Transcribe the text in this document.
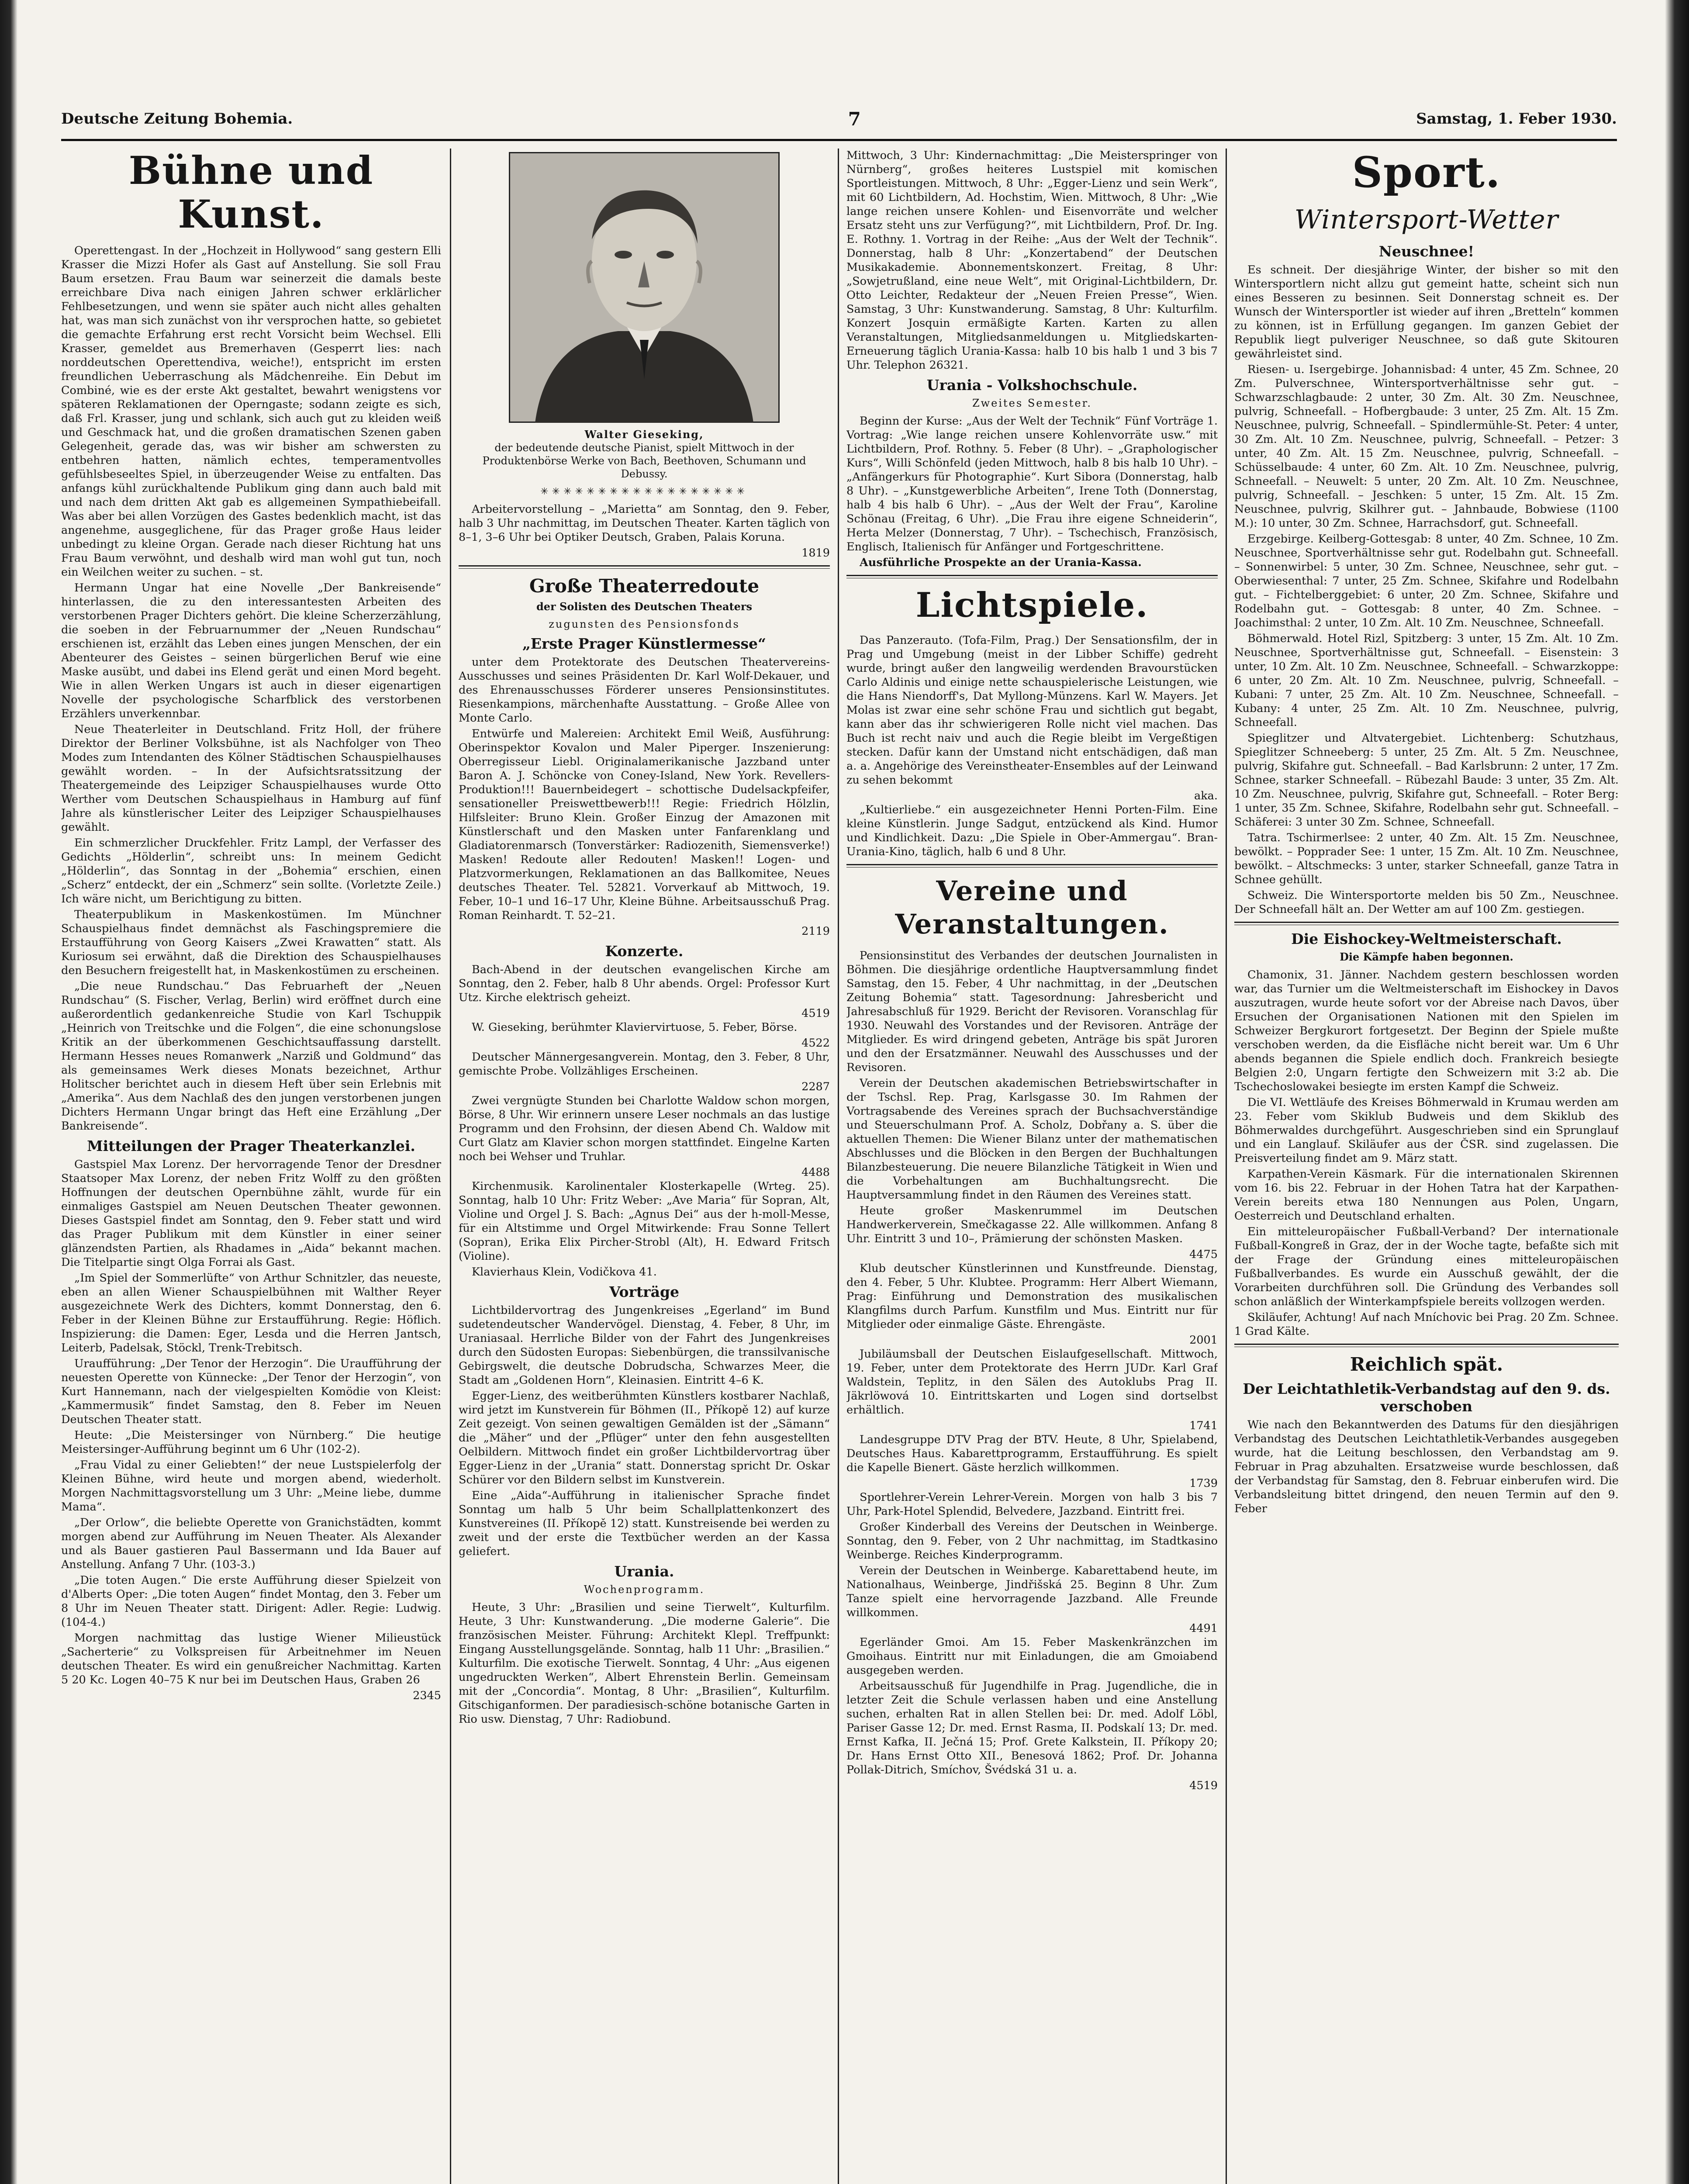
Deutsche Zeitung Bohemia.	7	Samstag, 1. Feber 1930.
Bühne und Kunst.

Operettengast. In der „Hochzeit in Hollywood“ sang gestern Elli Krasser die Mizzi Hofer als Gast auf Anstellung. Sie soll Frau Baum ersetzen. Frau Baum war seinerzeit die damals beste erreichbare Diva nach einigen Jahren schwer erklärlicher Fehlbesetzungen, und wenn sie später auch nicht alles gehalten hat, was man sich zunächst von ihr versprochen hatte, so gebietet die gemachte Erfahrung erst recht Vorsicht beim Wechsel. Elli Krasser, gemeldet aus Bremerhaven (Gesperrt lies: nach norddeutschen Operettendiva, weiche!), entspricht im ersten freundlichen Ueberraschung als Mädchenreihe. Ein Debut im Combiné, wie es der erste Akt gestaltet, bewahrt wenigstens vor späteren Reklamationen der Operngaste; sodann zeigte es sich, daß Frl. Krasser, jung und schlank, sich auch gut zu kleiden weiß und Geschmack hat, und die großen dramatischen Szenen gaben Gelegenheit, gerade das, was wir bisher am schwersten zu entbehren hatten, nämlich echtes, temperamentvolles gefühlsbeseeltes Spiel, in überzeugender Weise zu entfalten. Das anfangs kühl zurückhaltende Publikum ging dann auch bald mit und nach dem dritten Akt gab es allgemeinen Sympathiebeifall. Was aber bei allen Vorzügen des Gastes bedenklich macht, ist das angenehme, ausgeglichene, für das Prager große Haus leider unbedingt zu kleine Organ. Gerade nach dieser Richtung hat uns Frau Baum verwöhnt, und deshalb wird man wohl gut tun, noch ein Weilchen weiter zu suchen. – st.

Hermann Ungar hat eine Novelle „Der Bankreisende“ hinterlassen, die zu den interessantesten Arbeiten des verstorbenen Prager Dichters gehört. Die kleine Scherzerzählung, die soeben in der Februarnummer der „Neuen Rundschau“ erschienen ist, erzählt das Leben eines jungen Menschen, der ein Abenteurer des Geistes – seinen bürgerlichen Beruf wie eine Maske ausübt, und dabei ins Elend gerät und einen Mord begeht. Wie in allen Werken Ungars ist auch in dieser eigenartigen Novelle der psychologische Scharfblick des verstorbenen Erzählers unverkennbar.

Neue Theaterleiter in Deutschland. Fritz Holl, der frühere Direktor der Berliner Volksbühne, ist als Nachfolger von Theo Modes zum Intendanten des Kölner Städtischen Schauspielhauses gewählt worden. – In der Aufsichtsratssitzung der Theatergemeinde des Leipziger Schauspielhauses wurde Otto Werther vom Deutschen Schauspielhaus in Hamburg auf fünf Jahre als künstlerischer Leiter des Leipziger Schauspielhauses gewählt.

Ein schmerzlicher Druckfehler. Fritz Lampl, der Verfasser des Gedichts „Hölderlin“, schreibt uns: In meinem Gedicht „Hölderlin“, das Sonntag in der „Bohemia“ erschien, einen „Scherz“ entdeckt, der ein „Schmerz“ sein sollte. (Vorletzte Zeile.) Ich wäre nicht, um Berichtigung zu bitten.

Theaterpublikum in Maskenkostümen. Im Münchner Schauspielhaus findet demnächst als Faschingspremiere die Erstaufführung von Georg Kaisers „Zwei Krawatten“ statt. Als Kuriosum sei erwähnt, daß die Direktion des Schauspielhauses den Besuchern freigestellt hat, in Maskenkostümen zu erscheinen.

„Die neue Rundschau.“ Das Februarheft der „Neuen Rundschau“ (S. Fischer, Verlag, Berlin) wird eröffnet durch eine außerordentlich gedankenreiche Studie von Karl Tschuppik „Heinrich von Treitschke und die Folgen“, die eine schonungslose Kritik an der überkommenen Geschichtsauffassung darstellt. Hermann Hesses neues Romanwerk „Narziß und Goldmund“ das als gemeinsames Werk dieses Monats bezeichnet, Arthur Holitscher berichtet auch in diesem Heft über sein Erlebnis mit „Amerika“. Aus dem Nachlaß des den jungen verstorbenen jungen Dichters Hermann Ungar bringt das Heft eine Erzählung „Der Bankreisende“.

Mitteilungen der Prager Theaterkanzlei.

Gastspiel Max Lorenz. Der hervorragende Tenor der Dresdner Staatsoper Max Lorenz, der neben Fritz Wolff zu den größten Hoffnungen der deutschen Opernbühne zählt, wurde für ein einmaliges Gastspiel am Neuen Deutschen Theater gewonnen. Dieses Gastspiel findet am Sonntag, den 9. Feber statt und wird das Prager Publikum mit dem Künstler in einer seiner glänzendsten Partien, als Rhadames in „Aida“ bekannt machen. Die Titelpartie singt Olga Forrai als Gast.

„Im Spiel der Sommerlüfte“ von Arthur Schnitzler, das neueste, eben an allen Wiener Schauspielbühnen mit Walther Reyer ausgezeichnete Werk des Dichters, kommt Donnerstag, den 6. Feber in der Kleinen Bühne zur Erstaufführung. Regie: Höflich. Inspizierung: die Damen: Eger, Lesda und die Herren Jantsch, Leiterb, Padelsak, Stöckl, Trenk-Trebitsch.

Uraufführung: „Der Tenor der Herzogin“. Die Uraufführung der neuesten Operette von Künnecke: „Der Tenor der Herzogin“, von Kurt Hannemann, nach der vielgespielten Komödie von Kleist: „Kammermusik“ findet Samstag, den 8. Feber im Neuen Deutschen Theater statt.

Heute: „Die Meistersinger von Nürnberg.“ Die heutige Meistersinger-Aufführung beginnt um 6 Uhr (102-2).

„Frau Vidal zu einer Geliebten!“ der neue Lustspielerfolg der Kleinen Bühne, wird heute und morgen abend, wiederholt. Morgen Nachmittagsvorstellung um 3 Uhr: „Meine liebe, dumme Mama“.

„Der Orlow“, die beliebte Operette von Granichstädten, kommt morgen abend zur Aufführung im Neuen Theater. Als Alexander und als Bauer gastieren Paul Bassermann und Ida Bauer auf Anstellung. Anfang 7 Uhr. (103-3.)

„Die toten Augen.“ Die erste Aufführung dieser Spielzeit von d'Alberts Oper: „Die toten Augen“ findet Montag, den 3. Feber um 8 Uhr im Neuen Theater statt. Dirigent: Adler. Regie: Ludwig. (104-4.)

Morgen nachmittag das lustige Wiener Milieustück „Sacherterie“ zu Volkspreisen für Arbeitnehmer im Neuen deutschen Theater. Es wird ein genußreicher Nachmittag. Karten 5 20 Kc. Logen 40–75 K nur bei im Deutschen Haus, Graben 26

2345
Walter Gieseking,
der bedeutende deutsche Pianist, spielt Mittwoch in der Produktenbörse Werke von Bach, Beethoven, Schumann und Debussy.
✳✳✳✳✳✳✳✳✳✳✳✳✳✳✳✳✳✳

Arbeitervorstellung – „Marietta“ am Sonntag, den 9. Feber, halb 3 Uhr nachmittag, im Deutschen Theater. Karten täglich von 8–1, 3–6 Uhr bei Optiker Deutsch, Graben, Palais Koruna.

1819
Große Theaterredoute
der Solisten des Deutschen Theaters
zugunsten des Pensionsfonds
„Erste Prager Künstlermesse“

unter dem Protektorate des Deutschen Theatervereins-Ausschusses und seines Präsidenten Dr. Karl Wolf-Dekauer, und des Ehrenausschusses Förderer unseres Pensionsinstitutes. Riesenkampions, märchenhafte Ausstattung. – Große Allee von Monte Carlo.

Entwürfe und Malereien: Architekt Emil Weiß, Ausführung: Oberinspektor Kovalon und Maler Piperger. Inszenierung: Oberregisseur Liebl. Originalamerikanische Jazzband unter Baron A. J. Schöncke von Coney-Island, New York. Revellers-Produktion!!! Bauernbeidegert – schottische Dudelsackpfeifer, sensationeller Preiswettbewerb!!! Regie: Friedrich Hölzlin, Hilfsleiter: Bruno Klein. Großer Einzug der Amazonen mit Künstlerschaft und den Masken unter Fanfarenklang und Gladiatorenmarsch (Tonverstärker: Radiozenith, Siemensverke!) Masken! Redoute aller Redouten! Masken!! Logen- und Platzvormerkungen, Reklamationen an das Ballkomitee, Neues deutsches Theater. Tel. 52821. Vorverkauf ab Mittwoch, 19. Feber, 10–1 und 16–17 Uhr, Kleine Bühne. Arbeitsausschuß Prag. Roman Reinhardt. T. 52–21.

2119
Konzerte.

Bach-Abend in der deutschen evangelischen Kirche am Sonntag, den 2. Feber, halb 8 Uhr abends. Orgel: Professor Kurt Utz. Kirche elektrisch geheizt.

4519

W. Gieseking, berühmter Klaviervirtuose, 5. Feber, Börse.

4522

Deutscher Männergesangverein. Montag, den 3. Feber, 8 Uhr, gemischte Probe. Vollzähliges Erscheinen.

2287

Zwei vergnügte Stunden bei Charlotte Waldow schon morgen, Börse, 8 Uhr. Wir erinnern unsere Leser nochmals an das lustige Programm und den Frohsinn, der diesen Abend Ch. Waldow mit Curt Glatz am Klavier schon morgen stattfindet. Eingelne Karten noch bei Wehser und Truhlar.

4488

Kirchenmusik. Karolinentaler Klosterkapelle (Wrteg. 25). Sonntag, halb 10 Uhr: Fritz Weber: „Ave Maria“ für Sopran, Alt, Violine und Orgel J. S. Bach: „Agnus Dei“ aus der h-moll-Messe, für ein Altstimme und Orgel Mitwirkende: Frau Sonne Tellert (Sopran), Erika Elix Pircher-Strobl (Alt), H. Edward Fritsch (Violine).

Klavierhaus Klein, Vodičkova 41.

Vorträge

Lichtbildervortrag des Jungenkreises „Egerland“ im Bund sudetendeutscher Wandervögel. Dienstag, 4. Feber, 8 Uhr, im Uraniasaal. Herrliche Bilder von der Fahrt des Jungenkreises durch den Südosten Europas: Siebenbürgen, die transsilvanische Gebirgswelt, die deutsche Dobrudscha, Schwarzes Meer, die Stadt am „Goldenen Horn“, Kleinasien. Eintritt 4–6 K.

Egger-Lienz, des weitberühmten Künstlers kostbarer Nachlaß, wird jetzt im Kunstverein für Böhmen (II., Příkopě 12) auf kurze Zeit gezeigt. Von seinen gewaltigen Gemälden ist der „Sämann“ die „Mäher“ und der „Pflüger“ unter den fehn ausgestellten Oelbildern. Mittwoch findet ein großer Lichtbildervortrag über Egger-Lienz in der „Urania“ statt. Donnerstag spricht Dr. Oskar Schürer vor den Bildern selbst im Kunstverein.

Eine „Aida“-Aufführung in italienischer Sprache findet Sonntag um halb 5 Uhr beim Schallplattenkonzert des Kunstvereines (II. Příkopě 12) statt. Kunstreisende bei werden zu zweit und der erste die Textbücher werden an der Kassa geliefert.

Urania.
Wochenprogramm.

Heute, 3 Uhr: „Brasilien und seine Tierwelt“, Kulturfilm. Heute, 3 Uhr: Kunstwanderung. „Die moderne Galerie“. Die französischen Meister. Führung: Architekt Klepl. Treffpunkt: Eingang Ausstellungsgelände. Sonntag, halb 11 Uhr: „Brasilien.“ Kulturfilm. Die exotische Tierwelt. Sonntag, 4 Uhr: „Aus eigenen ungedruckten Werken“, Albert Ehrenstein Berlin. Gemeinsam mit der „Concordia“. Montag, 8 Uhr: „Brasilien“, Kulturfilm. Gitschiganformen. Der paradiesisch-schöne botanische Garten in Rio usw. Dienstag, 7 Uhr: Radiobund.

Mittwoch, 3 Uhr: Kindernachmittag: „Die Meisterspringer von Nürnberg“, großes heiteres Lustspiel mit komischen Sportleistungen. Mittwoch, 8 Uhr: „Egger-Lienz und sein Werk“, mit 60 Lichtbildern, Ad. Hochstim, Wien. Mittwoch, 8 Uhr: „Wie lange reichen unsere Kohlen- und Eisenvorräte und welcher Ersatz steht uns zur Verfügung?“, mit Lichtbildern, Prof. Dr. Ing. E. Rothny. 1. Vortrag in der Reihe: „Aus der Welt der Technik“. Donnerstag, halb 8 Uhr: „Konzertabend“ der Deutschen Musikakademie. Abonnementskonzert. Freitag, 8 Uhr: „Sowjetrußland, eine neue Welt“, mit Original-Lichtbildern, Dr. Otto Leichter, Redakteur der „Neuen Freien Presse“, Wien. Samstag, 3 Uhr: Kunstwanderung. Samstag, 8 Uhr: Kulturfilm. Konzert Josquin ermäßigte Karten. Karten zu allen Veranstaltungen, Mitgliedsanmeldungen u. Mitgliedskarten-Erneuerung täglich Urania-Kassa: halb 10 bis halb 1 und 3 bis 7 Uhr. Telephon 26321.

Urania - Volkshochschule.
Zweites Semester.

Beginn der Kurse: „Aus der Welt der Technik“ Fünf Vorträge 1. Vortrag: „Wie lange reichen unsere Kohlenvorräte usw.“ mit Lichtbildern, Prof. Rothny. 5. Feber (8 Uhr). – „Graphologischer Kurs“, Willi Schönfeld (jeden Mittwoch, halb 8 bis halb 10 Uhr). – „Anfängerkurs für Photographie“. Kurt Sibora (Donnerstag, halb 8 Uhr). – „Kunstgewerbliche Arbeiten“, Irene Toth (Donnerstag, halb 4 bis halb 6 Uhr). – „Aus der Welt der Frau“, Karoline Schönau (Freitag, 6 Uhr). „Die Frau ihre eigene Schneiderin“, Herta Melzer (Donnerstag, 7 Uhr). – Tschechisch, Französisch, Englisch, Italienisch für Anfänger und Fortgeschrittene.

Ausführliche Prospekte an der Urania-Kassa.

Lichtspiele.

Das Panzerauto. (Tofa-Film, Prag.) Der Sensationsfilm, der in Prag und Umgebung (meist in der Libber Schiffe) gedreht wurde, bringt außer den langweilig werdenden Bravourstücken Carlo Aldinis und einige nette schauspielerische Leistungen, wie die Hans Niendorff's, Dat Myllong-Münzens. Karl W. Mayers. Jet Molas ist zwar eine sehr schöne Frau und sichtlich gut begabt, kann aber das ihr schwierigeren Rolle nicht viel machen. Das Buch ist recht naiv und auch die Regie bleibt im Vergeßtigen stecken. Dafür kann der Umstand nicht entschädigen, daß man a. a. Angehörige des Vereinstheater-Ensembles auf der Leinwand zu sehen bekommt

aka.

„Kultierliebe.“ ein ausgezeichneter Henni Porten-Film. Eine kleine Künstlerin. Junge Sadgut, entzückend als Kind. Humor und Kindlichkeit. Dazu: „Die Spiele in Ober-Ammergau“. Bran-Urania-Kino, täglich, halb 6 und 8 Uhr.

Vereine und Veranstaltungen.

Pensionsinstitut des Verbandes der deutschen Journalisten in Böhmen. Die diesjährige ordentliche Hauptversammlung findet Samstag, den 15. Feber, 4 Uhr nachmittag, in der „Deutschen Zeitung Bohemia“ statt. Tagesordnung: Jahresbericht und Jahresabschluß für 1929. Bericht der Revisoren. Voranschlag für 1930. Neuwahl des Vorstandes und der Revisoren. Anträge der Mitglieder. Es wird dringend gebeten, Anträge bis spät Juroren und den der Ersatzmänner. Neuwahl des Ausschusses und der Revisoren.

Verein der Deutschen akademischen Betriebswirtschafter in der Tschsl. Rep. Prag, Karlsgasse 30. Im Rahmen der Vortragsabende des Vereines sprach der Buchsachverständige und Steuerschulmann Prof. A. Scholz, Dobřany a. S. über die aktuellen Themen: Die Wiener Bilanz unter der mathematischen Abschlusses und die Blöcken in den Bergen der Buchhaltungen Bilanzbesteuerung. Die neuere Bilanzliche Tätigkeit in Wien und die Vorbehaltungen am Buchhaltungsrecht. Die Hauptversammlung findet in den Räumen des Vereines statt.

Heute großer Maskenrummel im Deutschen Handwerkerverein, Smečkagasse 22. Alle willkommen. Anfang 8 Uhr. Eintritt 3 und 10–, Prämierung der schönsten Masken.

4475

Klub deutscher Künstlerinnen und Kunstfreunde. Dienstag, den 4. Feber, 5 Uhr. Klubtee. Programm: Herr Albert Wiemann, Prag: Einführung und Demonstration des musikalischen Klangfilms durch Parfum. Kunstfilm und Mus. Eintritt nur für Mitglieder oder einmalige Gäste. Ehrengäste.

2001

Jubiläumsball der Deutschen Eislaufgesellschaft. Mittwoch, 19. Feber, unter dem Protektorate des Herrn JUDr. Karl Graf Waldstein, Teplitz, in den Sälen des Autoklubs Prag II. Jäkrlöwová 10. Eintrittskarten und Logen sind dortselbst erhältlich.

1741

Landesgruppe DTV Prag der BTV. Heute, 8 Uhr, Spielabend, Deutsches Haus. Kabarettprogramm, Erstaufführung. Es spielt die Kapelle Bienert. Gäste herzlich willkommen.

1739

Sportlehrer-Verein Lehrer-Verein. Morgen von halb 3 bis 7 Uhr, Park-Hotel Splendid, Belvedere, Jazzband. Eintritt frei.

Großer Kinderball des Vereins der Deutschen in Weinberge. Sonntag, den 9. Feber, von 2 Uhr nachmittag, im Stadtkasino Weinberge. Reiches Kinderprogramm.

Verein der Deutschen in Weinberge. Kabarettabend heute, im Nationalhaus, Weinberge, Jindřišská 25. Beginn 8 Uhr. Zum Tanze spielt eine hervorragende Jazzband. Alle Freunde willkommen.

4491

Egerländer Gmoi. Am 15. Feber Maskenkränzchen im Gmoihaus. Eintritt nur mit Einladungen, die am Gmoiabend ausgegeben werden.

Arbeitsausschuß für Jugendhilfe in Prag. Jugendliche, die in letzter Zeit die Schule verlassen haben und eine Anstellung suchen, erhalten Rat in allen Stellen bei: Dr. med. Adolf Löbl, Pariser Gasse 12; Dr. med. Ernst Rasma, II. Podskalí 13; Dr. med. Ernst Kafka, II. Ječná 15; Prof. Grete Kalkstein, II. Příkopy 20; Dr. Hans Ernst Otto XII., Benesová 1862; Prof. Dr. Johanna Pollak-Ditrich, Smíchov, Švédská 31 u. a.

4519
Sport.
Wintersport-Wetter
Neuschnee!

Es schneit. Der diesjährige Winter, der bisher so mit den Wintersportlern nicht allzu gut gemeint hatte, scheint sich nun eines Besseren zu besinnen. Seit Donnerstag schneit es. Der Wunsch der Wintersportler ist wieder auf ihren „Bretteln“ kommen zu können, ist in Erfüllung gegangen. Im ganzen Gebiet der Republik liegt pulveriger Neuschnee, so daß gute Skitouren gewährleistet sind.

Riesen- u. Isergebirge. Johannisbad: 4 unter, 45 Zm. Schnee, 20 Zm. Pulverschnee, Wintersportverhältnisse sehr gut. – Schwarzschlagbaude: 2 unter, 30 Zm. Alt. 30 Zm. Neuschnee, pulvrig, Schneefall. – Hofbergbaude: 3 unter, 25 Zm. Alt. 15 Zm. Neuschnee, pulvrig, Schneefall. – Spindlermühle-St. Peter: 4 unter, 30 Zm. Alt. 10 Zm. Neuschnee, pulvrig, Schneefall. – Petzer: 3 unter, 40 Zm. Alt. 15 Zm. Neuschnee, pulvrig, Schneefall. – Schüsselbaude: 4 unter, 60 Zm. Alt. 10 Zm. Neuschnee, pulvrig, Schneefall. – Neuwelt: 5 unter, 20 Zm. Alt. 10 Zm. Neuschnee, pulvrig, Schneefall. – Jeschken: 5 unter, 15 Zm. Alt. 15 Zm. Neuschnee, pulvrig, Skilhrer gut. – Jahnbaude, Bobwiese (1100 M.): 10 unter, 30 Zm. Schnee, Harrachsdorf, gut. Schneefall.

Erzgebirge. Keilberg-Gottesgab: 8 unter, 40 Zm. Schnee, 10 Zm. Neuschnee, Sportverhältnisse sehr gut. Rodelbahn gut. Schneefall. – Sonnenwirbel: 5 unter, 30 Zm. Schnee, Neuschnee, sehr gut. – Oberwiesenthal: 7 unter, 25 Zm. Schnee, Skifahre und Rodelbahn gut. – Fichtelberggebiet: 6 unter, 20 Zm. Schnee, Skifahre und Rodelbahn gut. – Gottesgab: 8 unter, 40 Zm. Schnee. – Joachimsthal: 2 unter, 10 Zm. Alt. 10 Zm. Neuschnee, Schneefall.

Böhmerwald. Hotel Rizl, Spitzberg: 3 unter, 15 Zm. Alt. 10 Zm. Neuschnee, Sportverhältnisse gut, Schneefall. – Eisenstein: 3 unter, 10 Zm. Alt. 10 Zm. Neuschnee, Schneefall. – Schwarzkoppe: 6 unter, 20 Zm. Alt. 10 Zm. Neuschnee, pulvrig, Schneefall. – Kubani: 7 unter, 25 Zm. Alt. 10 Zm. Neuschnee, Schneefall. – Kubany: 4 unter, 25 Zm. Alt. 10 Zm. Neuschnee, pulvrig, Schneefall.

Spieglitzer und Altvatergebiet. Lichtenberg: Schutzhaus, Spieglitzer Schneeberg: 5 unter, 25 Zm. Alt. 5 Zm. Neuschnee, pulvrig, Skifahre gut. Schneefall. – Bad Karlsbrunn: 2 unter, 17 Zm. Schnee, starker Schneefall. – Rübezahl Baude: 3 unter, 35 Zm. Alt. 10 Zm. Neuschnee, pulvrig, Skifahre gut, Schneefall. – Roter Berg: 1 unter, 35 Zm. Schnee, Skifahre, Rodelbahn sehr gut. Schneefall. – Schäferei: 3 unter 30 Zm. Schnee, Schneefall.

Tatra. Tschirmerlsee: 2 unter, 40 Zm. Alt. 15 Zm. Neuschnee, bewölkt. – Popprader See: 1 unter, 15 Zm. Alt. 10 Zm. Neuschnee, bewölkt. – Altschmecks: 3 unter, starker Schneefall, ganze Tatra in Schnee gehüllt.

Schweiz. Die Wintersportorte melden bis 50 Zm., Neuschnee. Der Schneefall hält an. Der Wetter am auf 100 Zm. gestiegen.

Die Eishockey-Weltmeisterschaft.
Die Kämpfe haben begonnen.

Chamonix, 31. Jänner. Nachdem gestern beschlossen worden war, das Turnier um die Weltmeisterschaft im Eishockey in Davos auszutragen, wurde heute sofort vor der Abreise nach Davos, über Ersuchen der Organisationen Nationen mit den Spielen im Schweizer Bergkurort fortgesetzt. Der Beginn der Spiele mußte verschoben werden, da die Eisfläche nicht bereit war. Um 6 Uhr abends begannen die Spiele endlich doch. Frankreich besiegte Belgien 2:0, Ungarn fertigte den Schweizern mit 3:2 ab. Die Tschechoslowakei besiegte im ersten Kampf die Schweiz.

Die VI. Wettläufe des Kreises Böhmerwald in Krumau werden am 23. Feber vom Skiklub Budweis und dem Skiklub des Böhmerwaldes durchgeführt. Ausgeschrieben sind ein Sprunglauf und ein Langlauf. Skiläufer aus der ČSR. sind zugelassen. Die Preisverteilung findet am 9. März statt.

Karpathen-Verein Käsmark. Für die internationalen Skirennen vom 16. bis 22. Februar in der Hohen Tatra hat der Karpathen-Verein bereits etwa 180 Nennungen aus Polen, Ungarn, Oesterreich und Deutschland erhalten.

Ein mitteleuropäischer Fußball-Verband? Der internationale Fußball-Kongreß in Graz, der in der Woche tagte, befaßte sich mit der Frage der Gründung eines mitteleuropäischen Fußballverbandes. Es wurde ein Ausschuß gewählt, der die Vorarbeiten durchführen soll. Die Gründung des Verbandes soll schon anläßlich der Winterkampfspiele bereits vollzogen werden.

Skiläufer, Achtung! Auf nach Mníchovic bei Prag. 20 Zm. Schnee. 1 Grad Kälte.

Reichlich spät.
Der Leichtathletik-Verbandstag auf den 9. ds. verschoben

Wie nach den Bekanntwerden des Datums für den diesjährigen Verbandstag des Deutschen Leichtathletik-Verbandes ausgegeben wurde, hat die Leitung beschlossen, den Verbandstag am 9. Februar in Prag abzuhalten. Ersatzweise wurde beschlossen, daß der Verbandstag für Samstag, den 8. Februar einberufen wird. Die Verbandsleitung bittet dringend, den neuen Termin auf den 9. Feber
